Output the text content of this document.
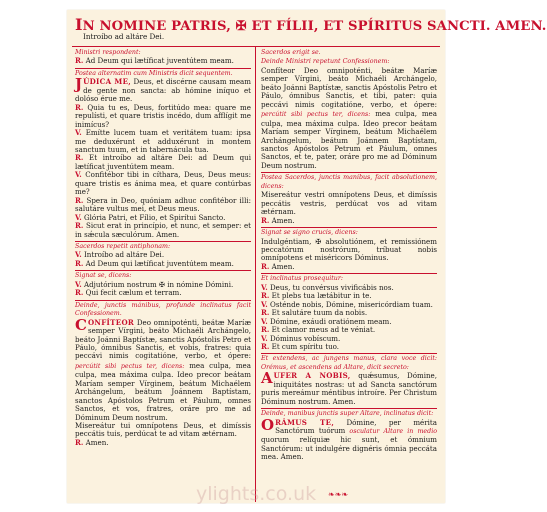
IN NOMINE PATRIS, ✠ ET FÍLII, ET SPÍRITUS SANCTI. AMEN.
Introíbo ad altáre Dei.

Ministri respondent:

R. Ad Deum qui lætíficat juventútem meam.

Postea alternatim cum Ministris dicit sequentem.

JÚDICA ME, Deus, et discérne causam meam de gente non sancta: ab hómine iníquo et dolóso érue me.

R. Quia tu es, Deus, fortitúdo mea: quare me repulísti, et quare tristis incédo, dum afflígit me inimícus?

V. Emítte lucem tuam et veritátem tuam: ipsa me deduxérunt et adduxérunt in montem sanctum tuum, et in tabernácula tua.

R. Et introíbo ad altáre Dei: ad Deum qui lætíficat juventútem meam.

V. Confitébor tibi in cíthara, Deus, Deus meus: quare tristis es ánima mea, et quare contúrbas me?

R. Spera in Deo, quóniam adhuc confitébor illi: salutáre vultus mei, et Deus meus.

V. Glória Patri, et Fílio, et Spirítui Sancto.

R. Sicut erat in princípio, et nunc, et semper: et in sǽcula sæculórum. Amen.

Sacerdos repetit antiphonam:

V. Introíbo ad altáre Dei.

R. Ad Deum qui lætíficat juventútem meam.

Signat se, dicens:

V. Adjutórium nostrum ✠ in nómine Dómini.

R. Qui fecit cælum et terram.

Deinde, junctis mánibus, profunde inclinatus facit Confessionem.

CONFÍTEOR Deo omnipoténti, beátæ Maríæ semper Vírgini, beáto Michaéli Archángelo, beáto Joánni Baptístæ, sanctis Apóstolis Petro et Páulo, ómnibus Sanctis, et vobis, fratres: quia peccávi nimis cogitatióne, verbo, et ópere: percútit sibi pectus ter, dicens: mea culpa, mea culpa, mea máxima culpa. Ideo precor beátam Maríam semper Vírginem, beátum Michaélem Archángelum, beátum Joánnem Baptístam, sanctos Apóstolos Petrum et Páulum, omnes Sanctos, et vos, fratres, oráre pro me ad Dóminum Deum nostrum.

Misereátur tui omnípotens Deus, et dimíssis peccátis tuis, perdúcat te ad vitam ætérnam.

R. Amen.

Sacerdos erigit se.

Deinde Ministri repetunt Confessionem:

Confíteor Deo omnipoténti, beátæ Maríæ semper Vírgini, beáto Michaéli Archángelo, beáto Joánni Baptístæ, sanctis Apóstolis Petro et Páulo, ómnibus Sanctis, et tibi, pater: quia peccávi nimis cogitatióne, verbo, et ópere: percútit sibi pectus ter, dicens: mea culpa, mea culpa, mea máxima culpa. Ideo precor beátam Maríam semper Vírginem, beátum Michaélem Archángelum, beátum Joánnem Baptístam, sanctos Apóstolos Petrum et Páulum, omnes Sanctos, et te, pater, oráre pro me ad Dóminum Deum nostrum.

Postea Sacerdos, junctis manibus, facit absolutionem, dicens:

Misereátur vestri omnípotens Deus, et dimíssis peccátis vestris, perdúcat vos ad vitam ætérnam.

R. Amen.

Signat se signo crucis, dicens:

Indulgéntiam, ✠ absolutiónem, et remissiónem peccatórum nostrórum, tríbuat nobis omnípotens et miséricors Dóminus.

R. Amen.

Et inclinatus prosequitur:

V. Deus, tu convérsus vivificábis nos.

R. Et plebs tua lætábitur in te.

V. Osténde nobis, Dómine, misericórdiam tuam.

R. Et salutáre tuum da nobis.

V. Dómine, exáudi oratiónem meam.

R. Et clamor meus ad te véniat.

V. Dóminus vobíscum.

R. Et cum spíritu tuo.

Et extendens, ac jungens manus, clara voce dicit: Orémus, et ascendens ad Altare, dicit secreto:

AUFER A NOBIS, quǽsumus, Dómine, iniquitátes nostras: ut ad Sancta sanctórum puris mereámur méntibus introíre. Per Christum Dóminum nostrum. Amen.

Deinde, manibus junctis super Altare, inclinatus dicit:

ORÁMUS TE, Dómine, per mérita Sanctórum tuórum osculatur Altare in medio quorum relíquiæ hic sunt, et ómnium Sanctórum: ut indulgére dignéris ómnia peccáta mea. Amen.

ylights.co.uk ❧❧❧
